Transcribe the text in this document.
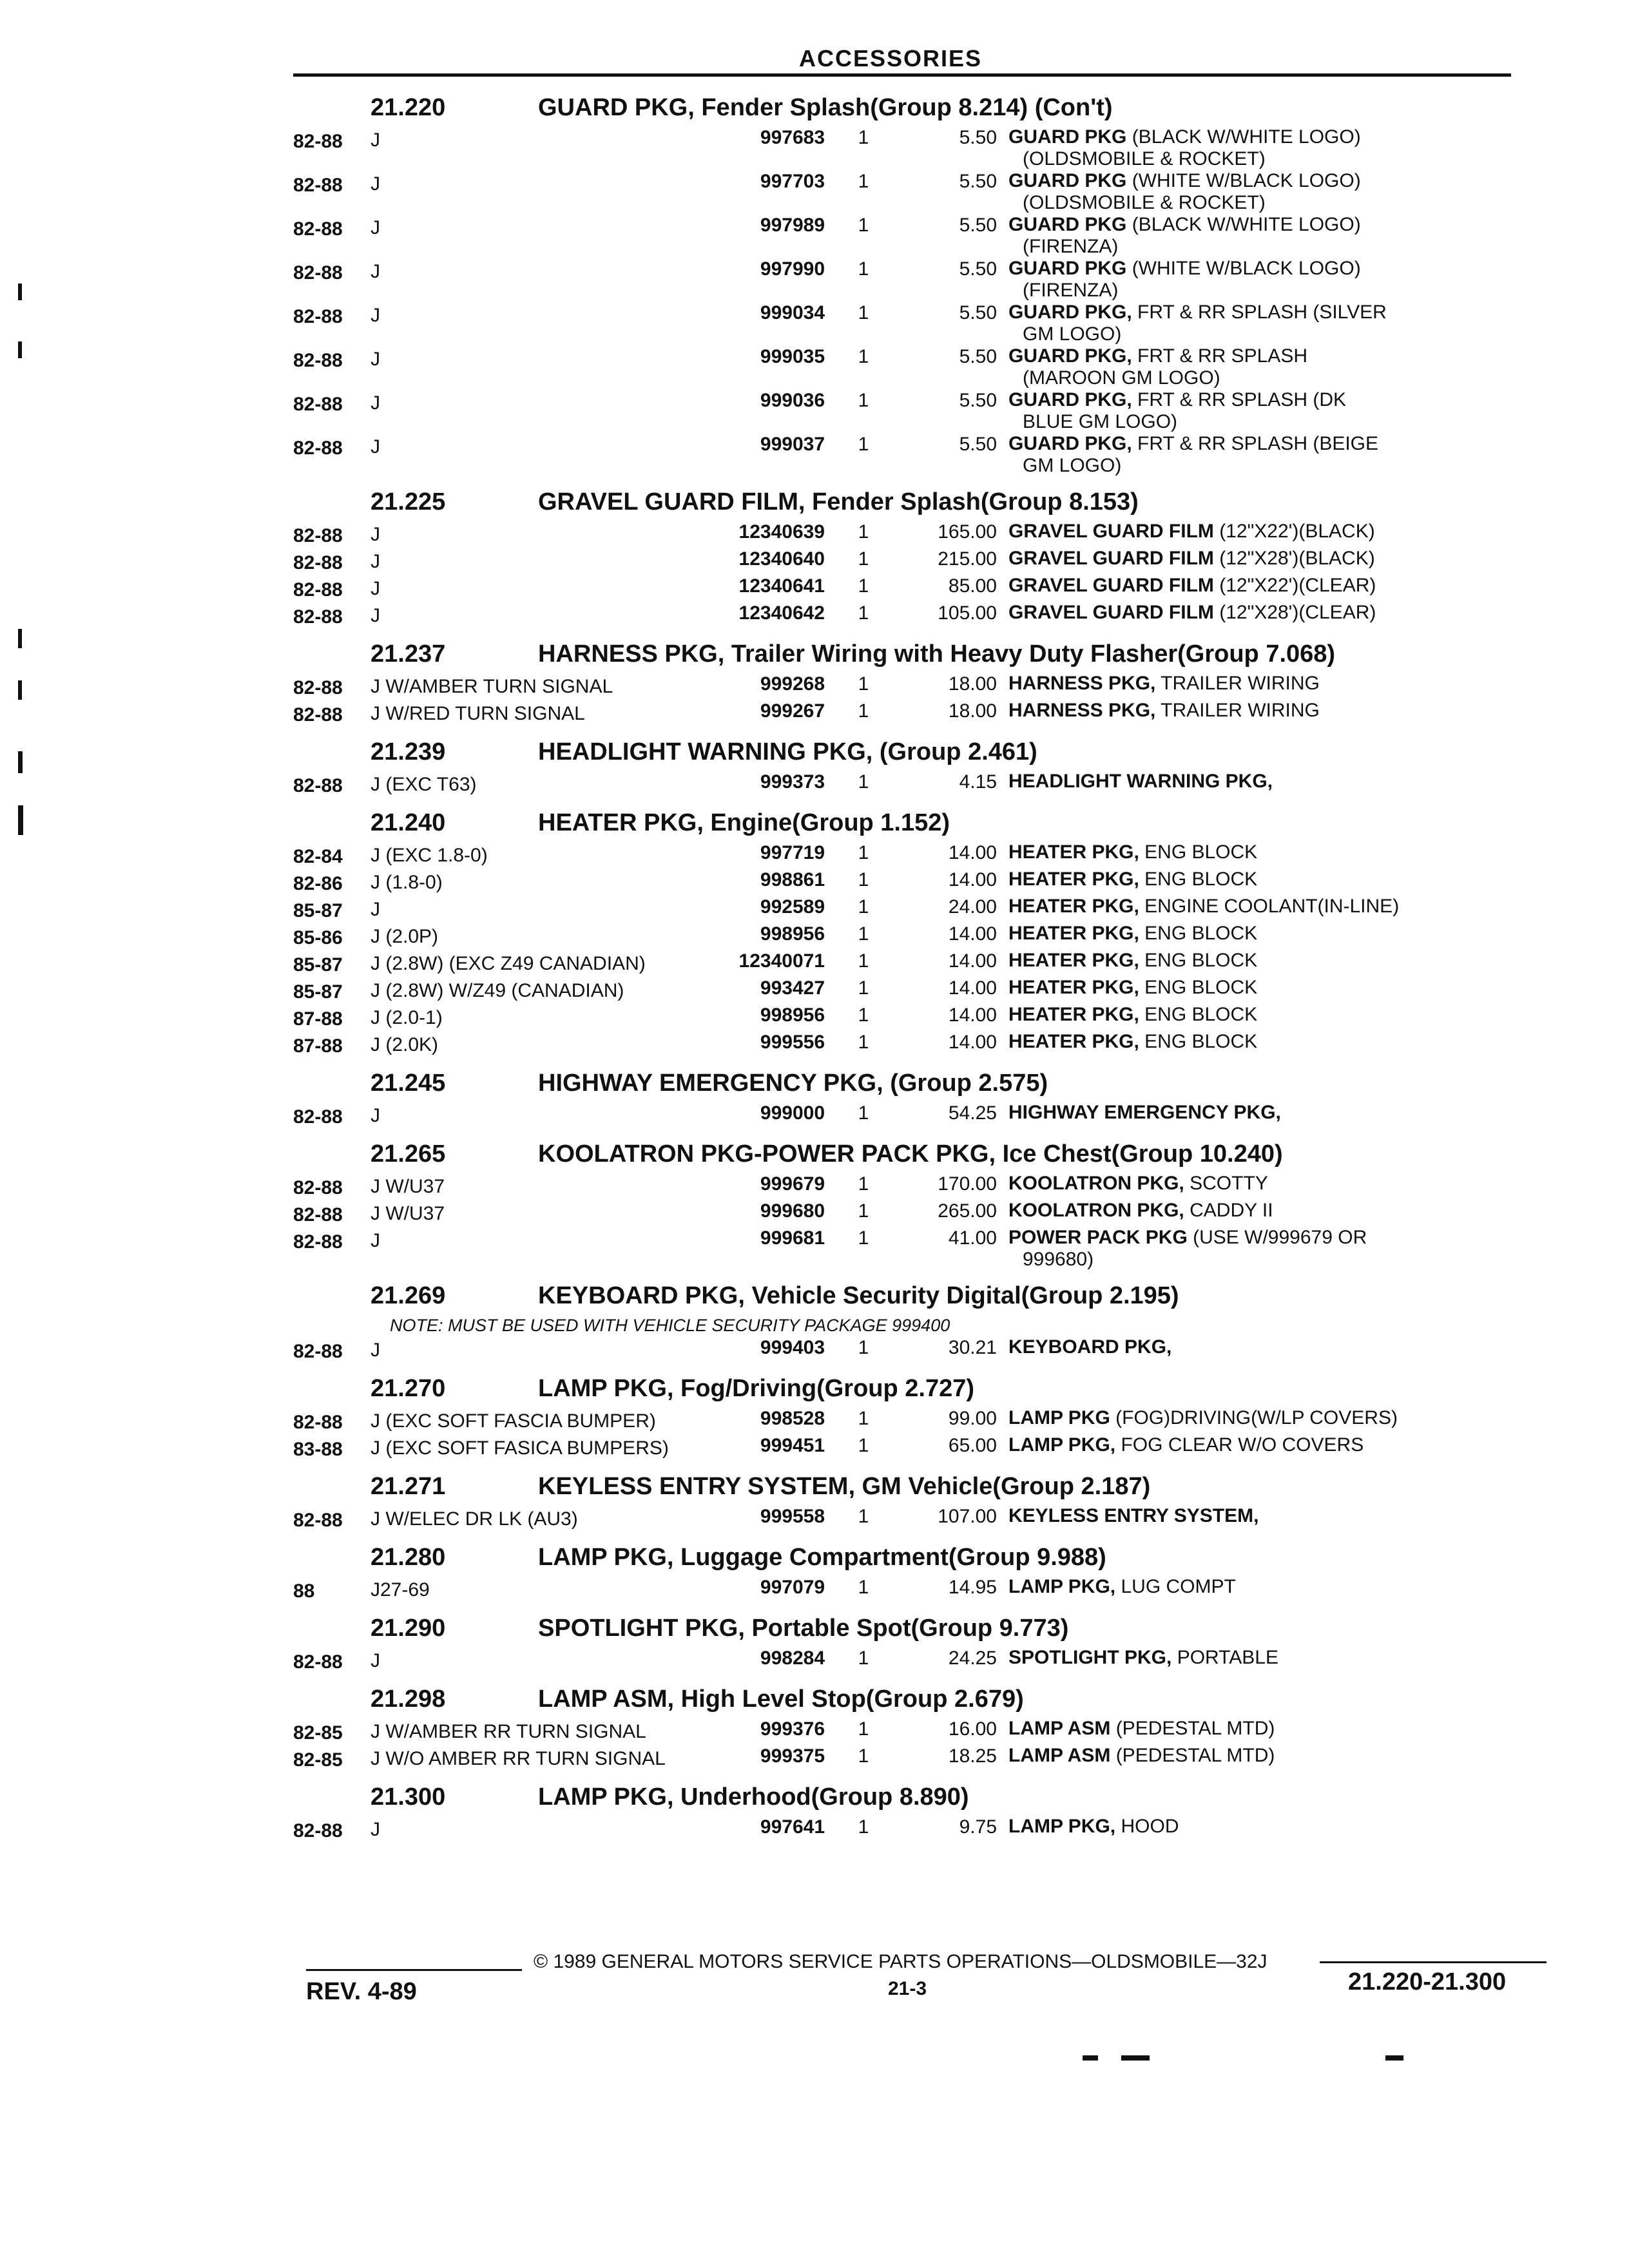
ACCESSORIES
21.220	GUARD PKG, Fender Splash(Group 8.214) (Con't)
82-88	J	997683	1	5.50 GUARD PKG (BLACK W/WHITE LOGO)
(OLDSMOBILE & ROCKET)
82-88	J	997703	1	5.50 GUARD PKG (WHITE W/BLACK LOGO)
(OLDSMOBILE & ROCKET)
82-88	J	997989	1	5.50 GUARD PKG (BLACK W/WHITE LOGO)
(FIRENZA)
82-88	J	997990	1	5.50 GUARD PKG (WHITE W/BLACK LOGO)
(FIRENZA)
82-88	J	999034	1	5.50 GUARD PKG, FRT & RR SPLASH (SILVER
GM LOGO)
82-88	J	999035	1	5.50 GUARD PKG, FRT & RR SPLASH
(MAROON GM LOGO)
82-88	J	999036	1	5.50 GUARD PKG, FRT & RR SPLASH (DK
BLUE GM LOGO)
82-88	J	999037	1	5.50 GUARD PKG, FRT & RR SPLASH (BEIGE
GM LOGO)
21.225	GRAVEL GUARD FILM, Fender Splash(Group 8.153)
82-88	J	12340639	1	165.00 GRAVEL GUARD FILM (12"X22')(BLACK)
82-88	J	12340640	1	215.00 GRAVEL GUARD FILM (12"X28')(BLACK)
82-88	J	12340641	1	85.00 GRAVEL GUARD FILM (12"X22')(CLEAR)
82-88	J	12340642	1	105.00 GRAVEL GUARD FILM (12"X28')(CLEAR)
21.237	HARNESS PKG, Trailer Wiring with Heavy Duty Flasher(Group 7.068)
82-88	J W/AMBER TURN SIGNAL	999268	1	18.00 HARNESS PKG, TRAILER WIRING
82-88	J W/RED TURN SIGNAL	999267	1	18.00 HARNESS PKG, TRAILER WIRING
21.239	HEADLIGHT WARNING PKG, (Group 2.461)
82-88	J (EXC T63)	999373	1	4.15 HEADLIGHT WARNING PKG,
21.240	HEATER PKG, Engine(Group 1.152)
82-84	J (EXC 1.8-0)	997719	1	14.00 HEATER PKG, ENG BLOCK
82-86	J (1.8-0)	998861	1	14.00 HEATER PKG, ENG BLOCK
85-87	J	992589	1	24.00 HEATER PKG, ENGINE COOLANT(IN-LINE)
85-86	J (2.0P)	998956	1	14.00 HEATER PKG, ENG BLOCK
85-87	J (2.8W) (EXC Z49 CANADIAN)	12340071	1	14.00 HEATER PKG, ENG BLOCK
85-87	J (2.8W) W/Z49 (CANADIAN)	993427	1	14.00 HEATER PKG, ENG BLOCK
87-88	J (2.0-1)	998956	1	14.00 HEATER PKG, ENG BLOCK
87-88	J (2.0K)	999556	1	14.00 HEATER PKG, ENG BLOCK
21.245	HIGHWAY EMERGENCY PKG, (Group 2.575)
82-88	J	999000	1	54.25 HIGHWAY EMERGENCY PKG,
21.265	KOOLATRON PKG-POWER PACK PKG, Ice Chest(Group 10.240)
82-88	J W/U37	999679	1	170.00 KOOLATRON PKG, SCOTTY
82-88	J W/U37	999680	1	265.00 KOOLATRON PKG, CADDY II
82-88	J	999681	1	41.00 POWER PACK PKG (USE W/999679 OR
999680)
21.269	KEYBOARD PKG, Vehicle Security Digital(Group 2.195)
NOTE: MUST BE USED WITH VEHICLE SECURITY PACKAGE 999400
82-88	J	999403	1	30.21 KEYBOARD PKG,
21.270	LAMP PKG, Fog/Driving(Group 2.727)
82-88	J (EXC SOFT FASCIA BUMPER)	998528	1	99.00 LAMP PKG (FOG)DRIVING(W/LP COVERS)
83-88	J (EXC SOFT FASICA BUMPERS)	999451	1	65.00 LAMP PKG, FOG CLEAR W/O COVERS
21.271	KEYLESS ENTRY SYSTEM, GM Vehicle(Group 2.187)
82-88	J W/ELEC DR LK (AU3)	999558	1	107.00 KEYLESS ENTRY SYSTEM,
21.280	LAMP PKG, Luggage Compartment(Group 9.988)
88	J27-69	997079	1	14.95 LAMP PKG, LUG COMPT
21.290	SPOTLIGHT PKG, Portable Spot(Group 9.773)
82-88	J	998284	1	24.25 SPOTLIGHT PKG, PORTABLE
21.298	LAMP ASM, High Level Stop(Group 2.679)
82-85	J W/AMBER RR TURN SIGNAL	999376	1	16.00 LAMP ASM (PEDESTAL MTD)
82-85	J W/O AMBER RR TURN SIGNAL	999375	1	18.25 LAMP ASM (PEDESTAL MTD)
21.300	LAMP PKG, Underhood(Group 8.890)
82-88	J	997641	1	9.75 LAMP PKG, HOOD
© 1989 GENERAL MOTORS SERVICE PARTS OPERATIONS—OLDSMOBILE—32J
REV. 4-89	21-3	21.220-21.300
